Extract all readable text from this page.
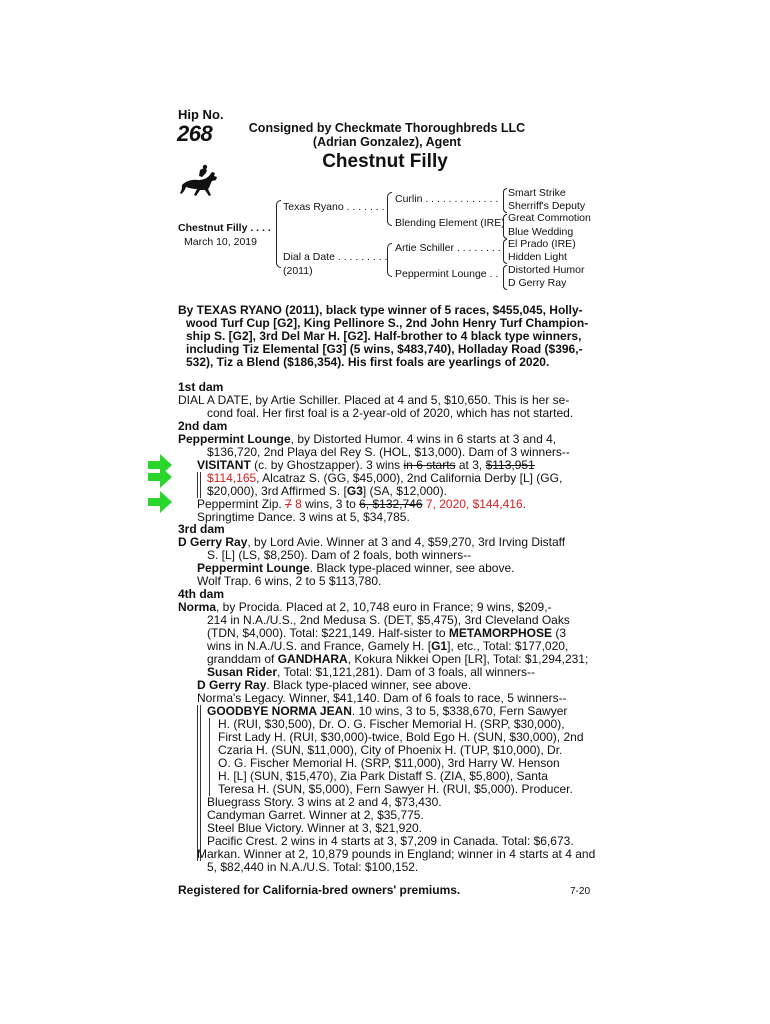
Hip No.
268	Consigned by Checkmate Thoroughbreds LLC
(Adrian Gonzalez), Agent
Chestnut Filly
Chestnut Filly . . . .
March 10, 2019
Texas Ryano . . . . . . .
Dial a Date . . . . . . . . .
(2011)
Curlin . . . . . . . . . . . . .
Blending Element (IRE)
Artie Schiller . . . . . . . .
Peppermint Lounge . .
Smart Strike
Sherriff's Deputy
Great Commotion
Blue Wedding
El Prado (IRE)
Hidden Light
Distorted Humor
D Gerry Ray
By TEXAS RYANO (2011), black type winner of 5 races, $455,045, Holly-
wood Turf Cup [G2], King Pellinore S., 2nd John Henry Turf Champion-
ship S. [G2], 3rd Del Mar H. [G2]. Half-brother to 4 black type winners,
including Tiz Elemental [G3] (5 wins, $483,740), Holladay Road ($396,-
532), Tiz a Blend ($186,354). His first foals are yearlings of 2020.
1st dam
DIAL A DATE, by Artie Schiller. Placed at 4 and 5, $10,650. This is her se-
cond foal. Her first foal is a 2-year-old of 2020, which has not started.
2nd dam
Peppermint Lounge, by Distorted Humor. 4 wins in 6 starts at 3 and 4,
$136,720, 2nd Playa del Rey S. (HOL, $13,000). Dam of 3 winners--
VISITANT (c. by Ghostzapper). 3 wins in 6 starts at 3, $113,951
$114,165, Alcatraz S. (GG, $45,000), 2nd California Derby [L] (GG,
$20,000), 3rd Affirmed S. [G3] (SA, $12,000).
Peppermint Zip. 7 8 wins, 3 to 6, $132,746 7, 2020, $144,416.
Springtime Dance. 3 wins at 5, $34,785.
3rd dam
D Gerry Ray, by Lord Avie. Winner at 3 and 4, $59,270, 3rd Irving Distaff
S. [L] (LS, $8,250). Dam of 2 foals, both winners--
Peppermint Lounge. Black type-placed winner, see above.
Wolf Trap. 6 wins, 2 to 5 $113,780.
4th dam
Norma, by Procida. Placed at 2, 10,748 euro in France; 9 wins, $209,-
214 in N.A./U.S., 2nd Medusa S. (DET, $5,475), 3rd Cleveland Oaks
(TDN, $4,000). Total: $221,149. Half-sister to METAMORPHOSE (3
wins in N.A./U.S. and France, Gamely H. [G1], etc., Total: $177,020,
granddam of GANDHARA, Kokura Nikkei Open [LR], Total: $1,294,231;
Susan Rider, Total: $1,121,281). Dam of 3 foals, all winners--
D Gerry Ray. Black type-placed winner, see above.
Norma's Legacy. Winner, $41,140. Dam of 6 foals to race, 5 winners--
GOODBYE NORMA JEAN. 10 wins, 3 to 5, $338,670, Fern Sawyer
H. (RUI, $30,500), Dr. O. G. Fischer Memorial H. (SRP, $30,000),
First Lady H. (RUI, $30,000)-twice, Bold Ego H. (SUN, $30,000), 2nd
Czaria H. (SUN, $11,000), City of Phoenix H. (TUP, $10,000), Dr.
O. G. Fischer Memorial H. (SRP, $11,000), 3rd Harry W. Henson
H. [L] (SUN, $15,470), Zia Park Distaff S. (ZIA, $5,800), Santa
Teresa H. (SUN, $5,000), Fern Sawyer H. (RUI, $5,000). Producer.
Bluegrass Story. 3 wins at 2 and 4, $73,430.
Candyman Garret. Winner at 2, $35,775.
Steel Blue Victory. Winner at 3, $21,920.
Pacific Crest. 2 wins in 4 starts at 3, $7,209 in Canada. Total: $6,673.
Markan. Winner at 2, 10,879 pounds in England; winner in 4 starts at 4 and
5, $82,440 in N.A./U.S. Total: $100,152.
Registered for California-bred owners' premiums.	7-20
